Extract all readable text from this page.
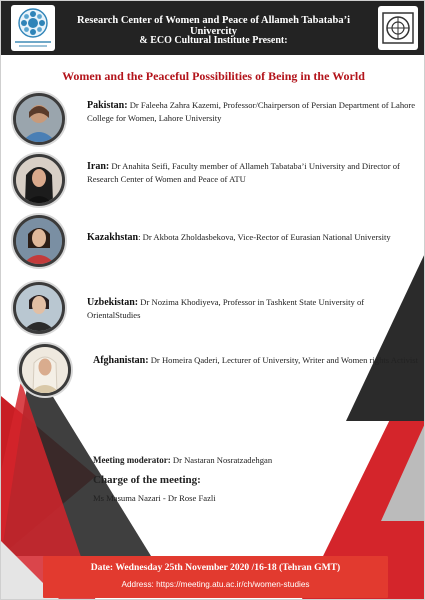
Research Center of Women and Peace of Allameh Tabataba’i Univercity
& ECO Cultural Institute Present:
Women and the Peaceful Possibilities of Being in the World
Pakistan: Dr Faleeha Zahra Kazemi, Professor/Chairperson of Persian Department of Lahore College for Women, Lahore University
Iran: Dr Anahita Seifi, Faculty member of Allameh Tabataba’i University and Director of Research Center of Women and Peace of ATU
Kazakhstan: Dr Akbota Zholdasbekova, Vice-Rector of Eurasian National University
Uzbekistan: Dr Nozima Khodiyeva, Professor in Tashkent State University of OrientalStudies
Afghanistan: Dr Homeira Qaderi, Lecturer of University, Writer and Women rights Activist
Meeting moderator: Dr Nastaran Nosratzadehgan
Charge of the meeting:
Ms Masuma Nazari - Dr Rose Fazli
Date: Wednesday 25th November 2020 /16-18 (Tehran GMT)
Address: https://meeting.atu.ac.ir/ch/women-studies
